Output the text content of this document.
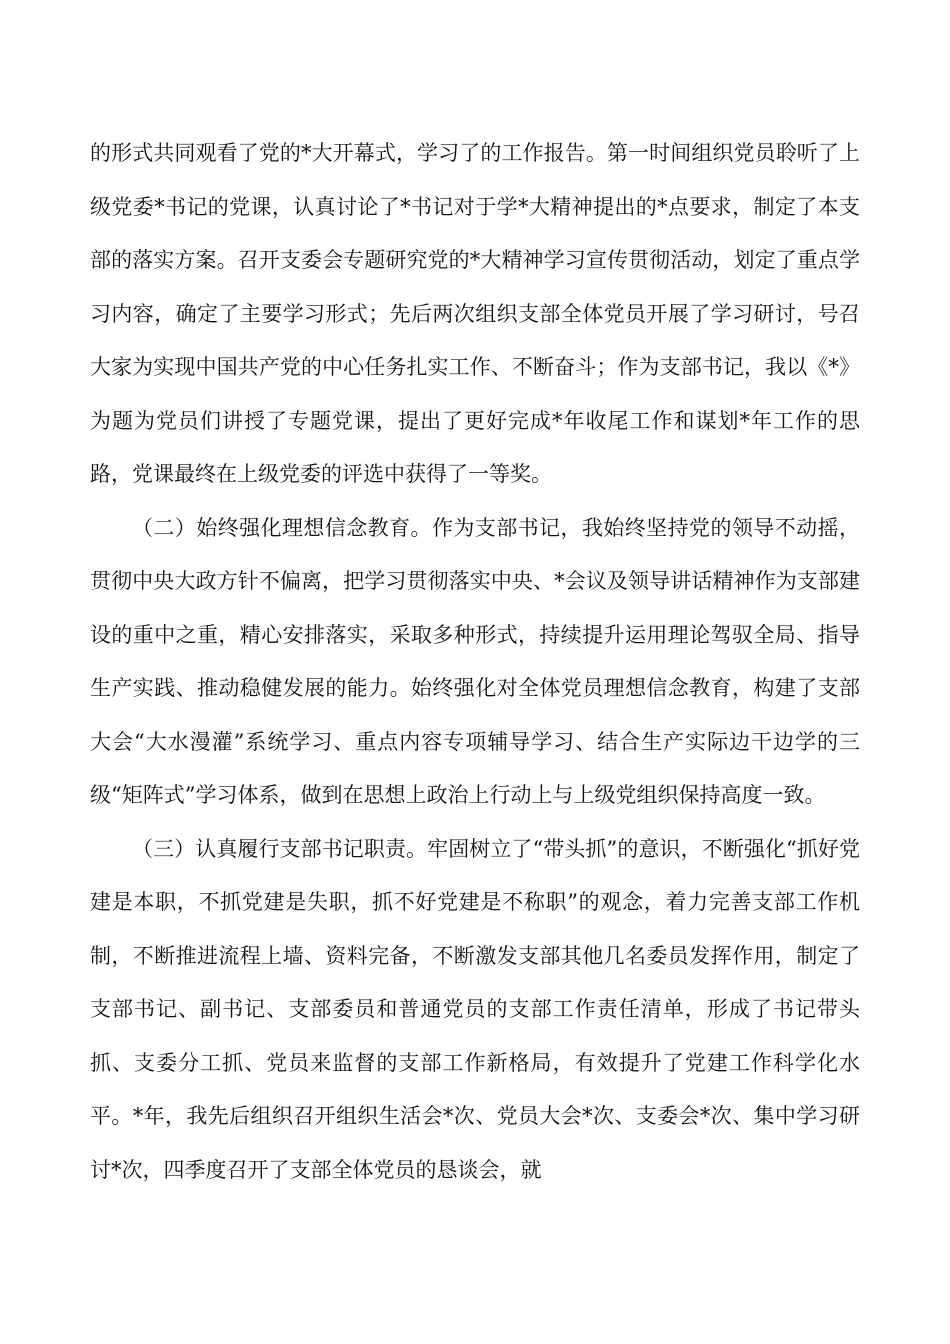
的形式共同观看了党的*大开幕式，学习了的工作报告。第一时间组织党员聆听了上级党委*书记的党课，认真讨论了*书记对于学*大精神提出的*点要求，制定了本支部的落实方案。召开支委会专题研究党的*大精神学习宣传贯彻活动，划定了重点学习内容，确定了主要学习形式；先后两次组织支部全体党员开展了学习研讨，号召大家为实现中国共产党的中心任务扎实工作、不断奋斗；作为支部书记，我以《*》为题为党员们讲授了专题党课，提出了更好完成*年收尾工作和谋划*年工作的思路，党课最终在上级党委的评选中获得了一等奖。

（二）始终强化理想信念教育。作为支部书记，我始终坚持党的领导不动摇，贯彻中央大政方针不偏离，把学习贯彻落实中央、*会议及领导讲话精神作为支部建设的重中之重，精心安排落实，采取多种形式，持续提升运用理论驾驭全局、指导生产实践、推动稳健发展的能力。始终强化对全体党员理想信念教育，构建了支部大会“大水漫灌”系统学习、重点内容专项辅导学习、结合生产实际边干边学的三级“矩阵式”学习体系，做到在思想上政治上行动上与上级党组织保持高度一致。

（三）认真履行支部书记职责。牢固树立了“带头抓”的意识，不断强化“抓好党建是本职，不抓党建是失职，抓不好党建是不称职”的观念，着力完善支部工作机制，不断推进流程上墙、资料完备，不断激发支部其他几名委员发挥作用，制定了支部书记、副书记、支部委员和普通党员的支部工作责任清单，形成了书记带头抓、支委分工抓、党员来监督的支部工作新格局，有效提升了党建工作科学化水平。*年，我先后组织召开组织生活会*次、党员大会*次、支委会*次、集中学习研讨*次，四季度召开了支部全体党员的恳谈会，就
